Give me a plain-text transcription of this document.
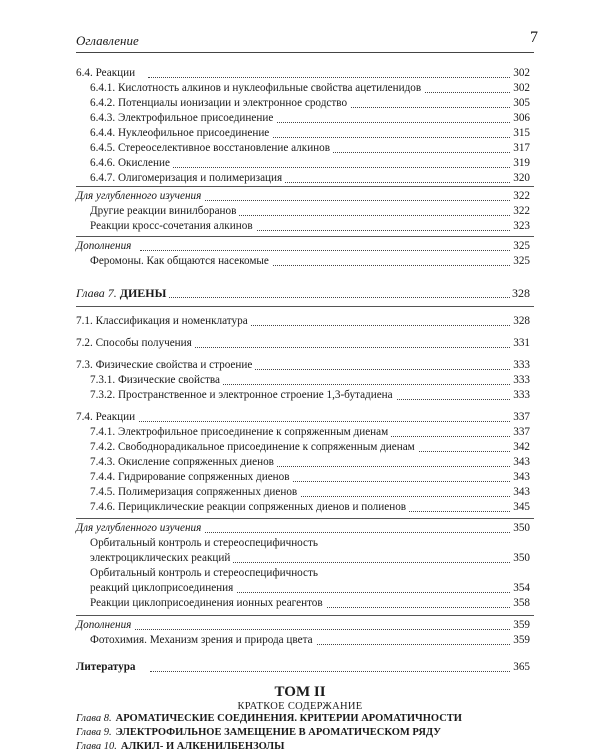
Оглавление	7
6.4. Реакции	302
6.4.1. Кислотность алкинов и нуклеофильные свойства ацетиленидов	302
6.4.2. Потенциалы ионизации и электронное сродство	305
6.4.3. Электрофильное присоединение	306
6.4.4. Нуклеофильное присоединение	315
6.4.5. Стереоселективное восстановление алкинов	317
6.4.6. Окисление	319
6.4.7. Олигомеризация и полимеризация	320
Для углубленного изучения	322
Другие реакции винилборанов	322
Реакции кросс-сочетания алкинов	323
Дополнения	325
Феромоны. Как общаются насекомые	325
Глава 7. ДИЕНЫ	328
7.1. Классификация и номенклатура	328
7.2. Способы получения	331
7.3. Физические свойства и строение	333
7.3.1. Физические свойства	333
7.3.2. Пространственное и электронное строение 1,3-бутадиена	333
7.4. Реакции	337
7.4.1. Электрофильное присоединение к сопряженным диенам	337
7.4.2. Свободнорадикальное присоединение к сопряженным диенам	342
7.4.3. Окисление сопряженных диенов	343
7.4.4. Гидрирование сопряженных диенов	343
7.4.5. Полимеризация сопряженных диенов	343
7.4.6. Перициклические реакции сопряженных диенов и полиенов	345
Для углубленного изучения	350
Орбитальный контроль и стереоспецифичность
электроциклических реакций	350
Орбитальный контроль и стереоспецифичность
реакций циклоприсоединения	354
Реакции циклоприсоединения ионных реагентов	358
Дополнения	359
Фотохимия. Механизм зрения и природа цвета	359
Литература	365
ТОМ II
КРАТКОЕ СОДЕРЖАНИЕ
Глава 8. АРОМАТИЧЕСКИЕ СОЕДИНЕНИЯ. КРИТЕРИИ АРОМАТИЧНОСТИ
Глава 9. ЭЛЕКТРОФИЛЬНОЕ ЗАМЕЩЕНИЕ В АРОМАТИЧЕСКОМ РЯДУ
Глава 10. АЛКИЛ- И АЛКЕНИЛБЕНЗОЛЫ
